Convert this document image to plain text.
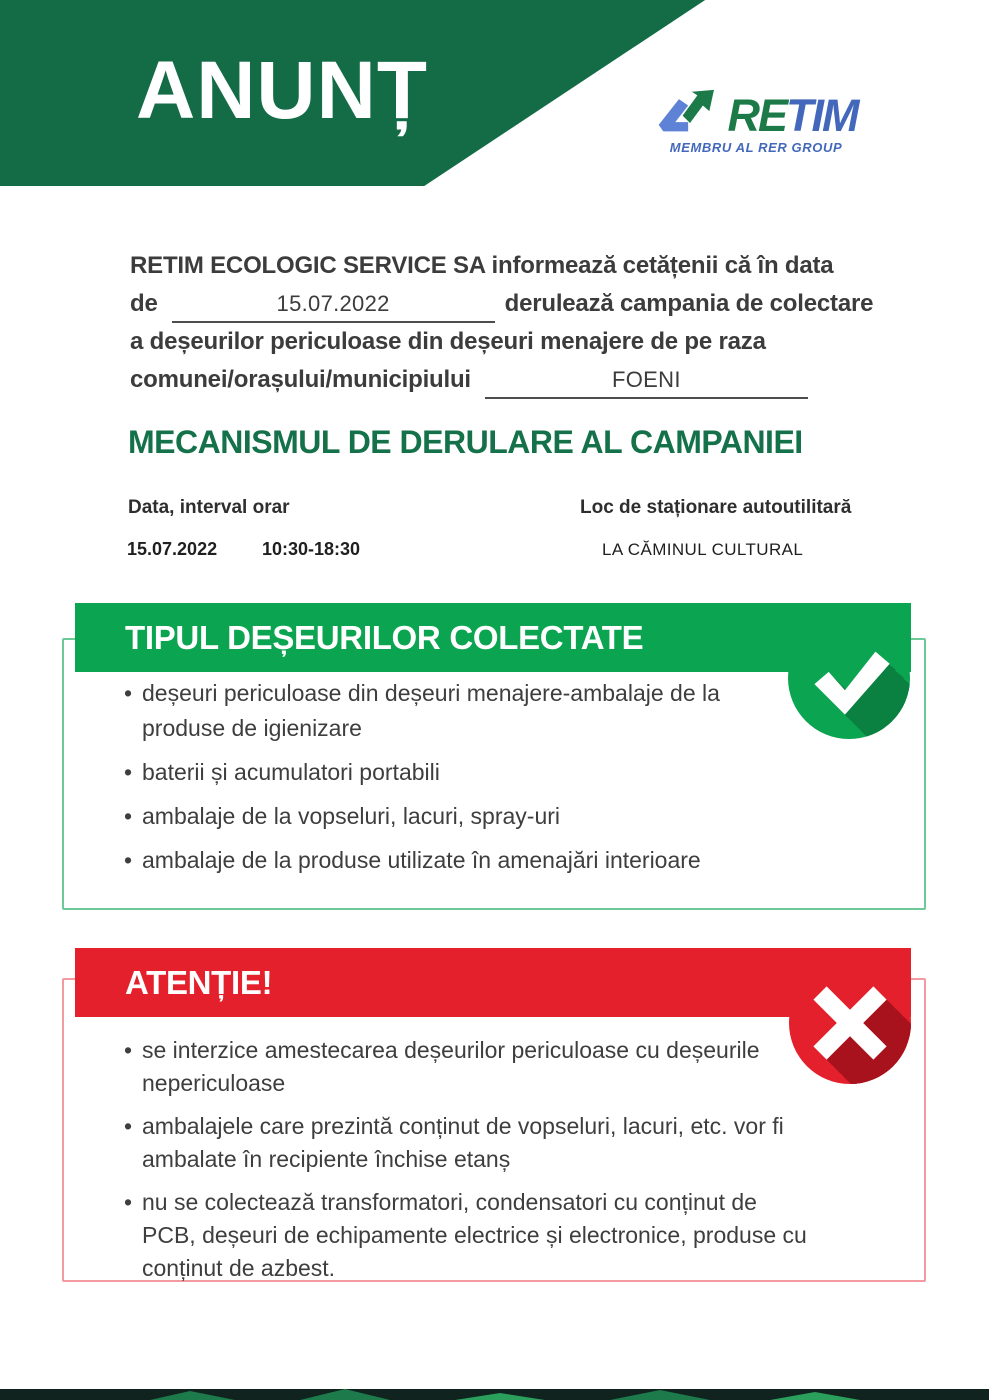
ANUNȚ	RETIM
MEMBRU AL RER GROUP
RETIM ECOLOGIC SERVICE SA informează cetățenii că în data
de	15.07.2022	derulează campania de colectare
a deșeurilor periculoase din deșeuri menajere de pe raza
comunei/orașului/municipiului	FOENI
MECANISMUL DE DERULARE AL CAMPANIEI
Data, interval orar	Loc de staționare autoutilitară
15.07.2022 10:30-18:30	LA CĂMINUL CULTURAL
TIPUL DEȘEURILOR COLECTATE
• deșeuri periculoase din deșeuri menajere-ambalaje de la produse de igienizare
• baterii și acumulatori portabili
• ambalaje de la vopseluri, lacuri, spray-uri
• ambalaje de la produse utilizate în amenajări interioare
ATENȚIE!
• se interzice amestecarea deșeurilor periculoase cu deșeurile nepericuloase
• ambalajele care prezintă conținut de vopseluri, lacuri, etc. vor fi ambalate în recipiente închise etanș
• nu se colectează transformatori, condensatori cu conținut de PCB, deșeuri de echipamente electrice și electronice, produse cu conținut de azbest.
